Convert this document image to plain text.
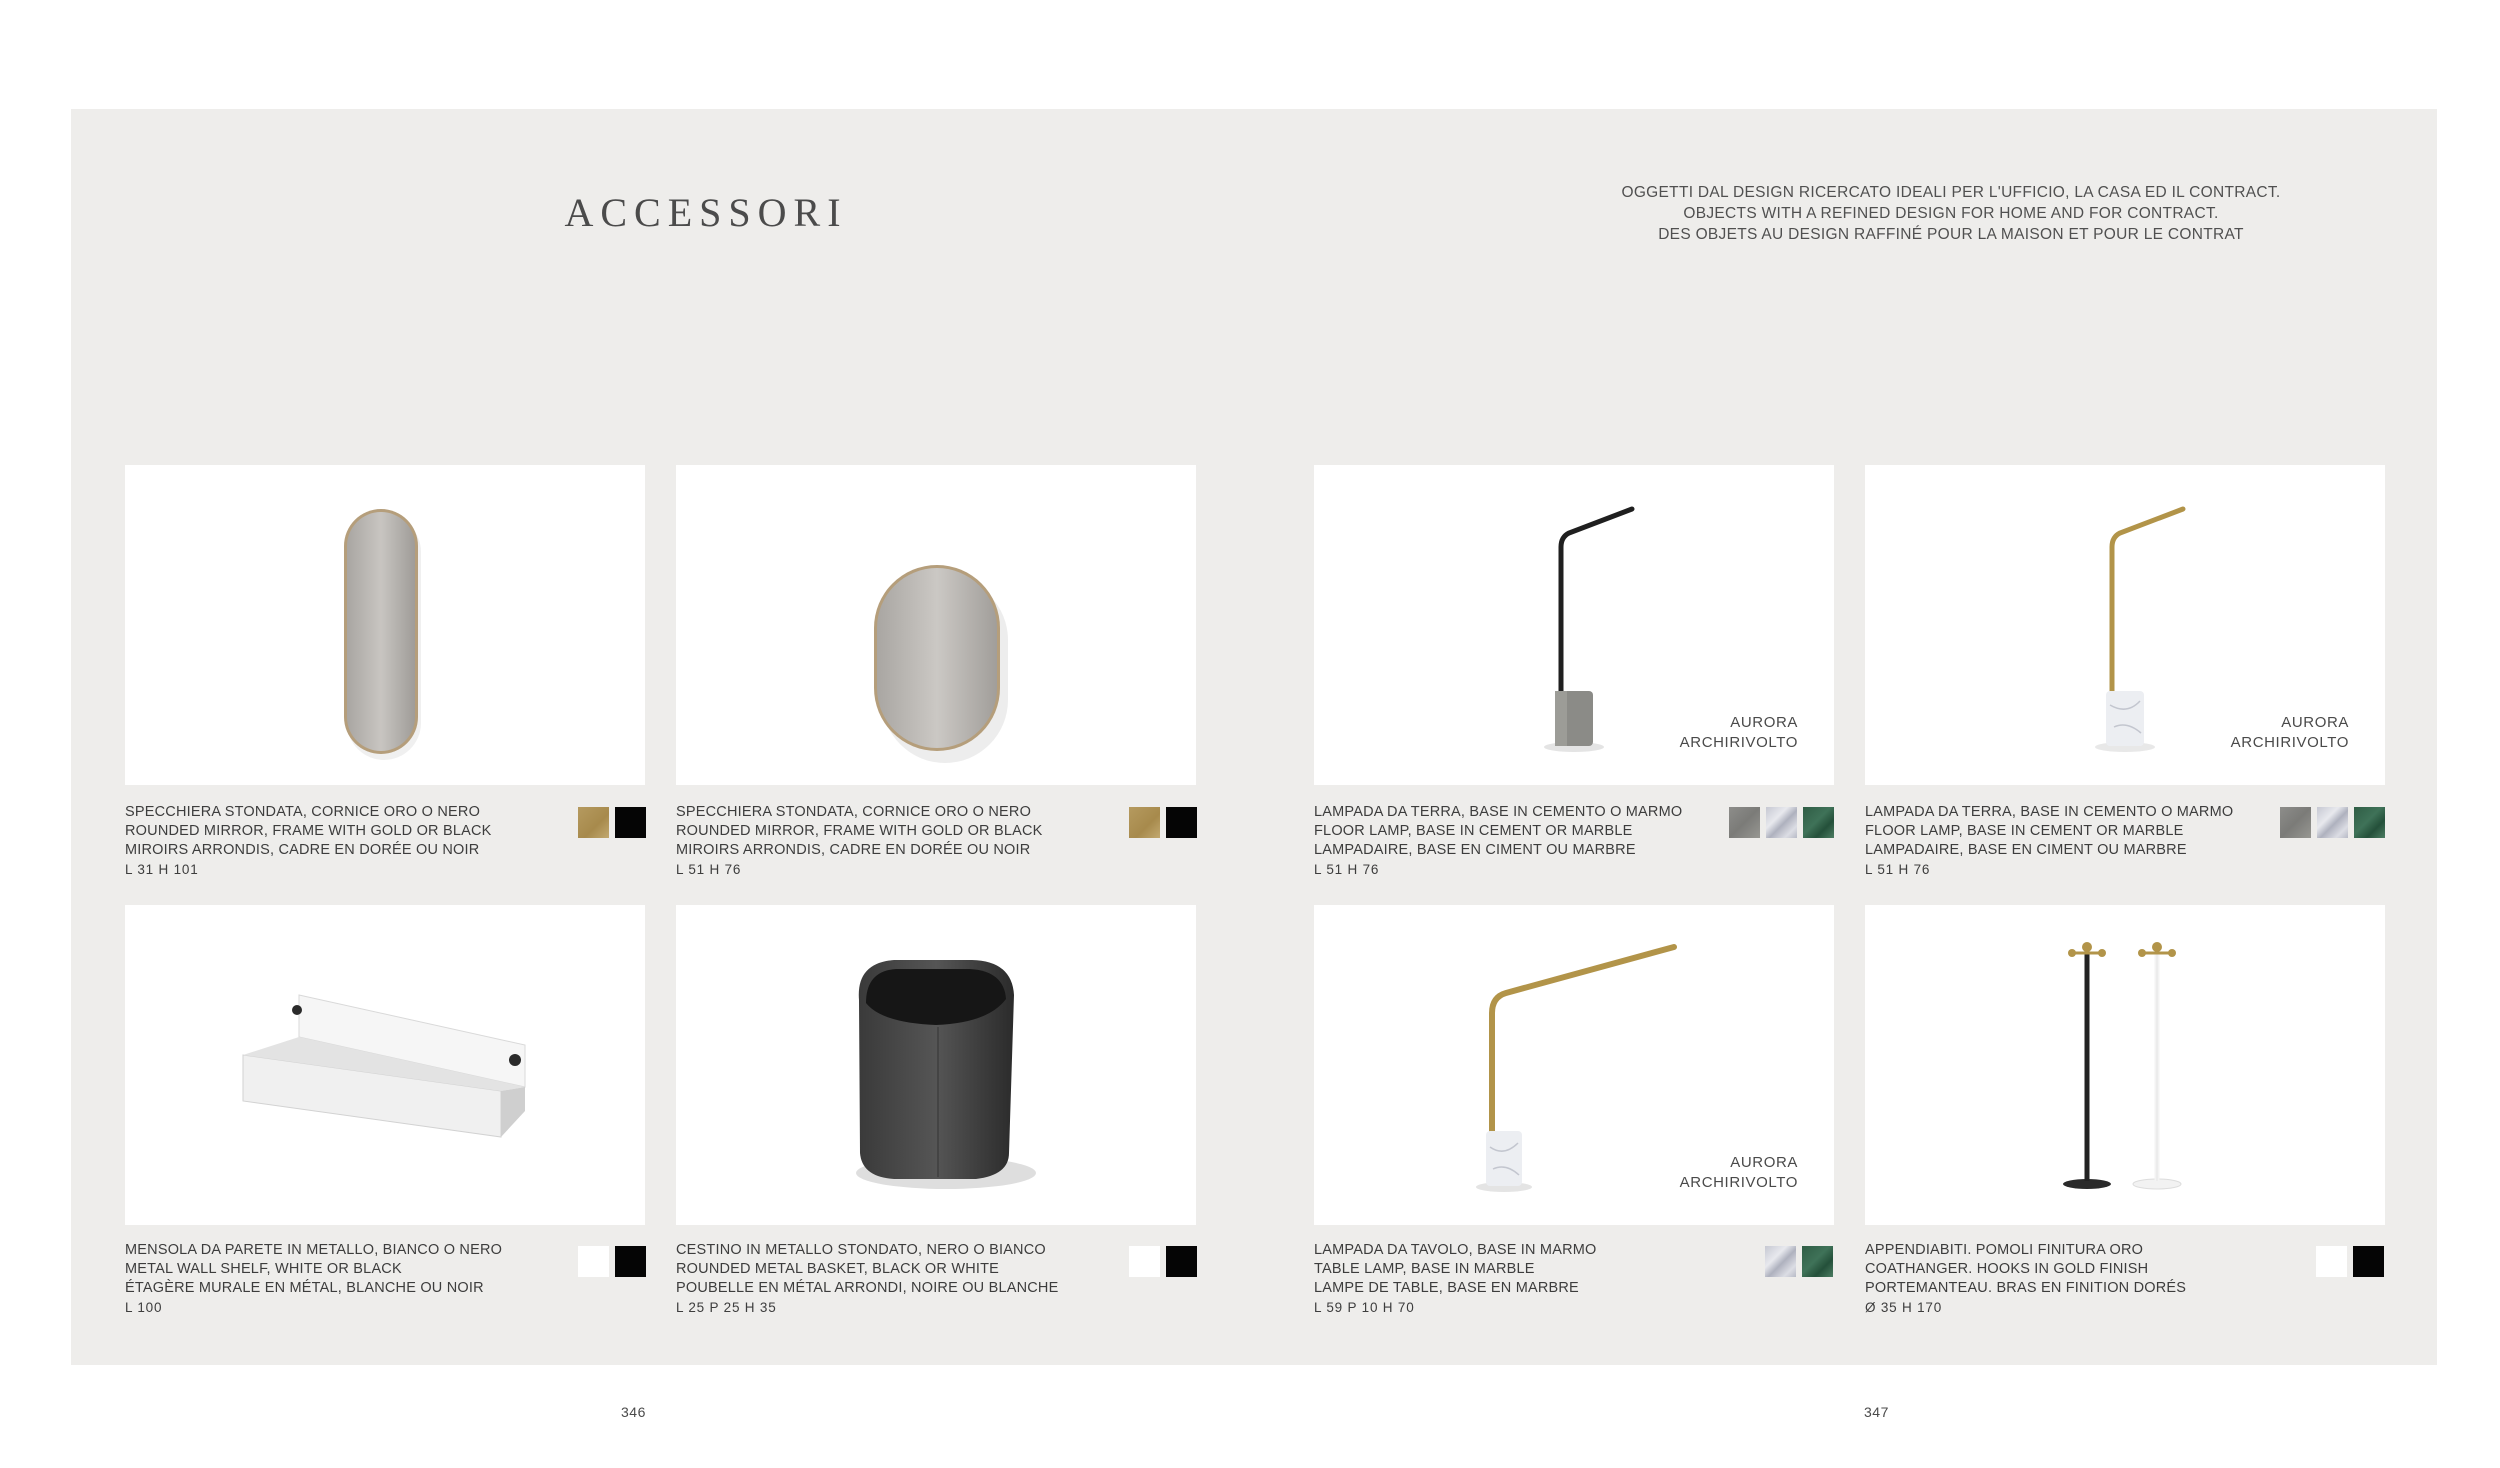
ACCESSORI	OGGETTI DAL DESIGN RICERCATO IDEALI PER L'UFFICIO, LA CASA ED IL CONTRACT.
OBJECTS WITH A REFINED DESIGN FOR HOME AND FOR CONTRACT.
DES OBJETS AU DESIGN RAFFINÉ POUR LA MAISON ET POUR LE CONTRAT
SPECCHIERA STONDATA, CORNICE ORO O NERO
ROUNDED MIRROR, FRAME WITH GOLD OR BLACK
MIROIRS ARRONDIS, CADRE EN DORÉE OU NOIR
L 31 H 101
SPECCHIERA STONDATA, CORNICE ORO O NERO
ROUNDED MIRROR, FRAME WITH GOLD OR BLACK
MIROIRS ARRONDIS, CADRE EN DORÉE OU NOIR
L 51 H 76
AURORA
ARCHIRIVOLTO
LAMPADA DA TERRA, BASE IN CEMENTO O MARMO
FLOOR LAMP, BASE IN CEMENT OR MARBLE
LAMPADAIRE, BASE EN CIMENT OU MARBRE
L 51 H 76
AURORA
ARCHIRIVOLTO
LAMPADA DA TERRA, BASE IN CEMENTO O MARMO
FLOOR LAMP, BASE IN CEMENT OR MARBLE
LAMPADAIRE, BASE EN CIMENT OU MARBRE
L 51 H 76
MENSOLA DA PARETE IN METALLO, BIANCO O NERO
METAL WALL SHELF, WHITE OR BLACK
ÉTAGÈRE MURALE EN MÉTAL, BLANCHE OU NOIR
L 100
CESTINO IN METALLO STONDATO, NERO O BIANCO
ROUNDED METAL BASKET, BLACK OR WHITE
POUBELLE EN MÉTAL ARRONDI, NOIRE OU BLANCHE
L 25 P 25 H 35
AURORA
ARCHIRIVOLTO
LAMPADA DA TAVOLO, BASE IN MARMO
TABLE LAMP, BASE IN MARBLE
LAMPE DE TABLE, BASE EN MARBRE
L 59 P 10 H 70
APPENDIABITI. POMOLI FINITURA ORO
COATHANGER. HOOKS IN GOLD FINISH
PORTEMANTEAU. BRAS EN FINITION DORÉS
Ø 35 H 170
346	347
